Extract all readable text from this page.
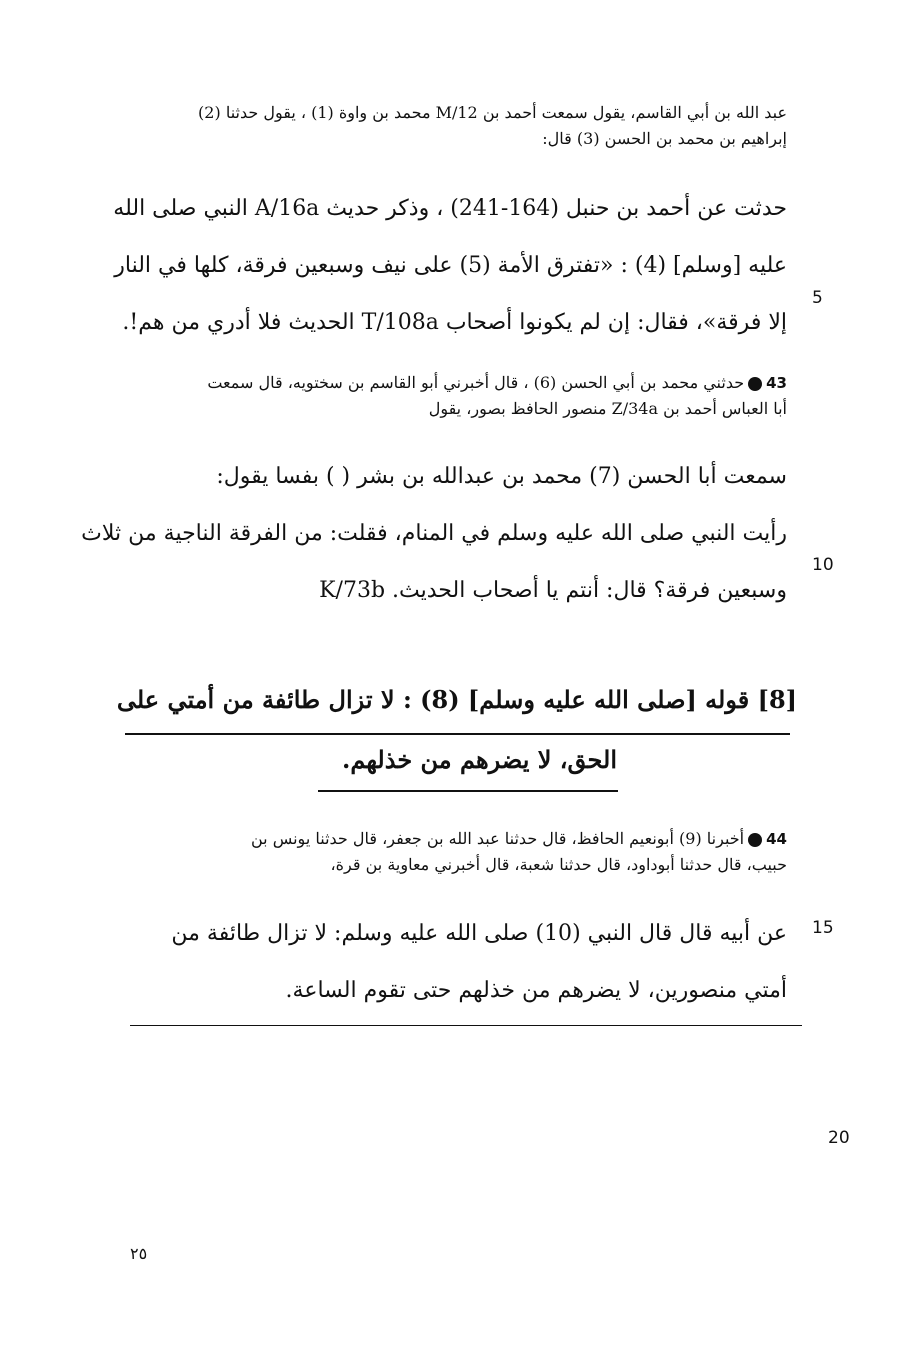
عبد الله بن أبي القاسم، يقول سمعت أحمد بن M/12 محمد بن واوة (1) ، يقول حدثنا (2)
إبراهيم بن محمد بن الحسن (3) قال:
حدثت عن أحمد بن حنبل (164-241) ، وذكر حديث A/16a النبي صلى الله
عليه [وسلم] (4) : «تفترق الأمة (5) على نيف وسبعين فرقة، كلها في النار
إلا فرقة»، فقال: إن لم يكونوا أصحاب T/108a الحديث فلا أدري من هم!.
5
43حدثني محمد بن أبي الحسن (6) ، قال أخبرني أبو القاسم بن سختويه، قال سمعت
أبا العباس أحمد بن Z/34a منصور الحافظ بصور، يقول
سمعت أبا الحسن (7) محمد بن عبدالله بن بشر ( ) بفسا يقول:
رأيت النبي صلى الله عليه وسلم في المنام، فقلت: من الفرقة الناجية من ثلاث
وسبعين فرقة؟ قال: أنتم يا أصحاب الحديث. K/73b
10
[8] قوله [صلى الله عليه وسلم] (8) : لا تزال طائفة من أمتي على
الحق، لا يضرهم من خذلهم.
44أخبرنا (9) أبونعيم الحافظ، قال حدثنا عبد الله بن جعفر، قال حدثنا يونس بن
حبيب، قال حدثنا أبوداود، قال حدثنا شعبة، قال أخبرني معاوية بن قرة،
عن أبيه قال قال النبي (10) صلى الله عليه وسلم: لا تزال طائفة من
أمتي منصورين، لا يضرهم من خذلهم حتى تقوم الساعة.
15
20
٢٥
